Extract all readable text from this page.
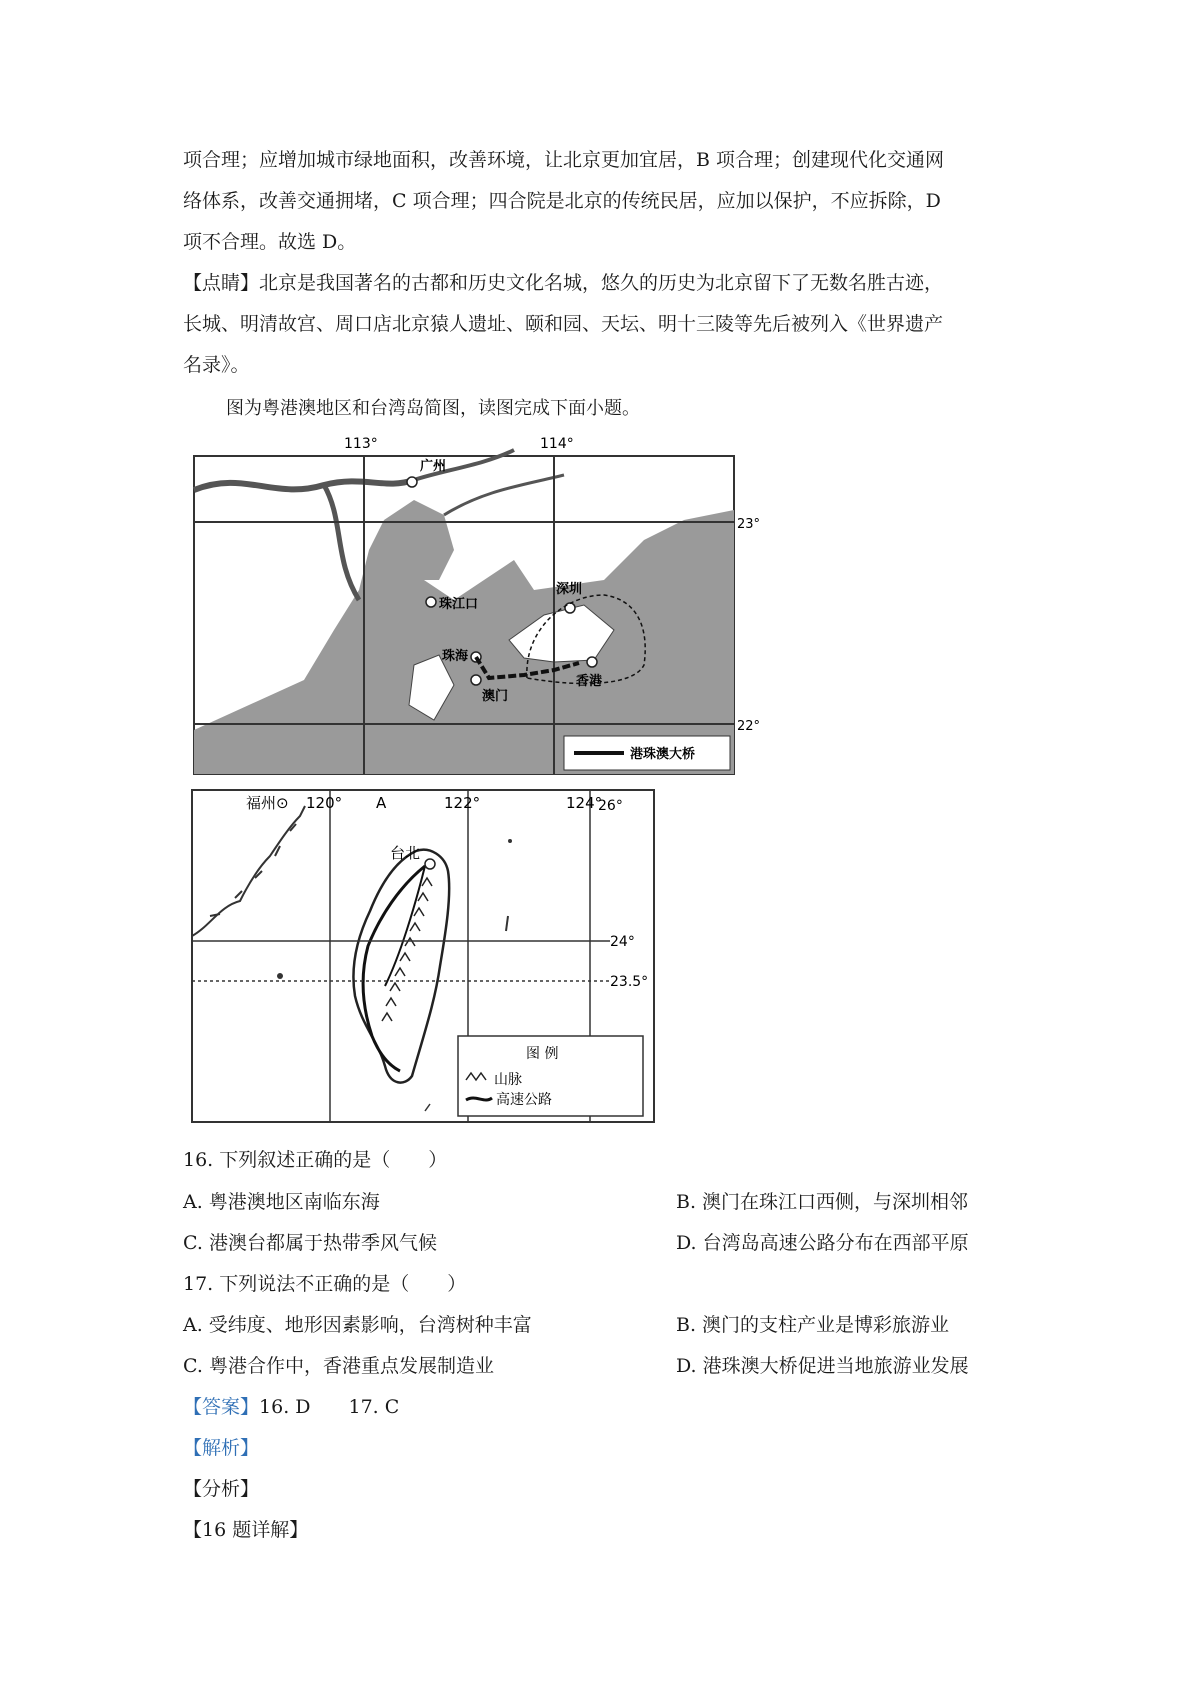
项合理；应增加城市绿地面积，改善环境，让北京更加宜居，B 项合理；创建现代化交通网
络体系，改善交通拥堵，C 项合理；四合院是北京的传统民居，应加以保护，不应拆除，D
项不合理。故选 D。
【点睛】北京是我国著名的古都和历史文化名城，悠久的历史为北京留下了无数名胜古迹，
长城、明清故宫、周口店北京猿人遗址、颐和园、天坛、明十三陵等先后被列入《世界遗产
名录》。
图为粤港澳地区和台湾岛简图，读图完成下面小题。
113°	114°
23°
22°
广州
珠江口
深圳
珠海
澳门
香港
港珠澳大桥
台北
福州⊙ 120° A	122°	124°
26°
24°
23.5°
图 例
山脉
高速公路
16. 下列叙述正确的是（　　）
A. 粤港澳地区南临东海	B. 澳门在珠江口西侧，与深圳相邻
C. 港澳台都属于热带季风气候	D. 台湾岛高速公路分布在西部平原
17. 下列说法不正确的是（　　）
A. 受纬度、地形因素影响，台湾树种丰富	B. 澳门的支柱产业是博彩旅游业
C. 粤港合作中，香港重点发展制造业	D. 港珠澳大桥促进当地旅游业发展
【答案】16. D　　17. C
【解析】
【分析】
【16 题详解】
